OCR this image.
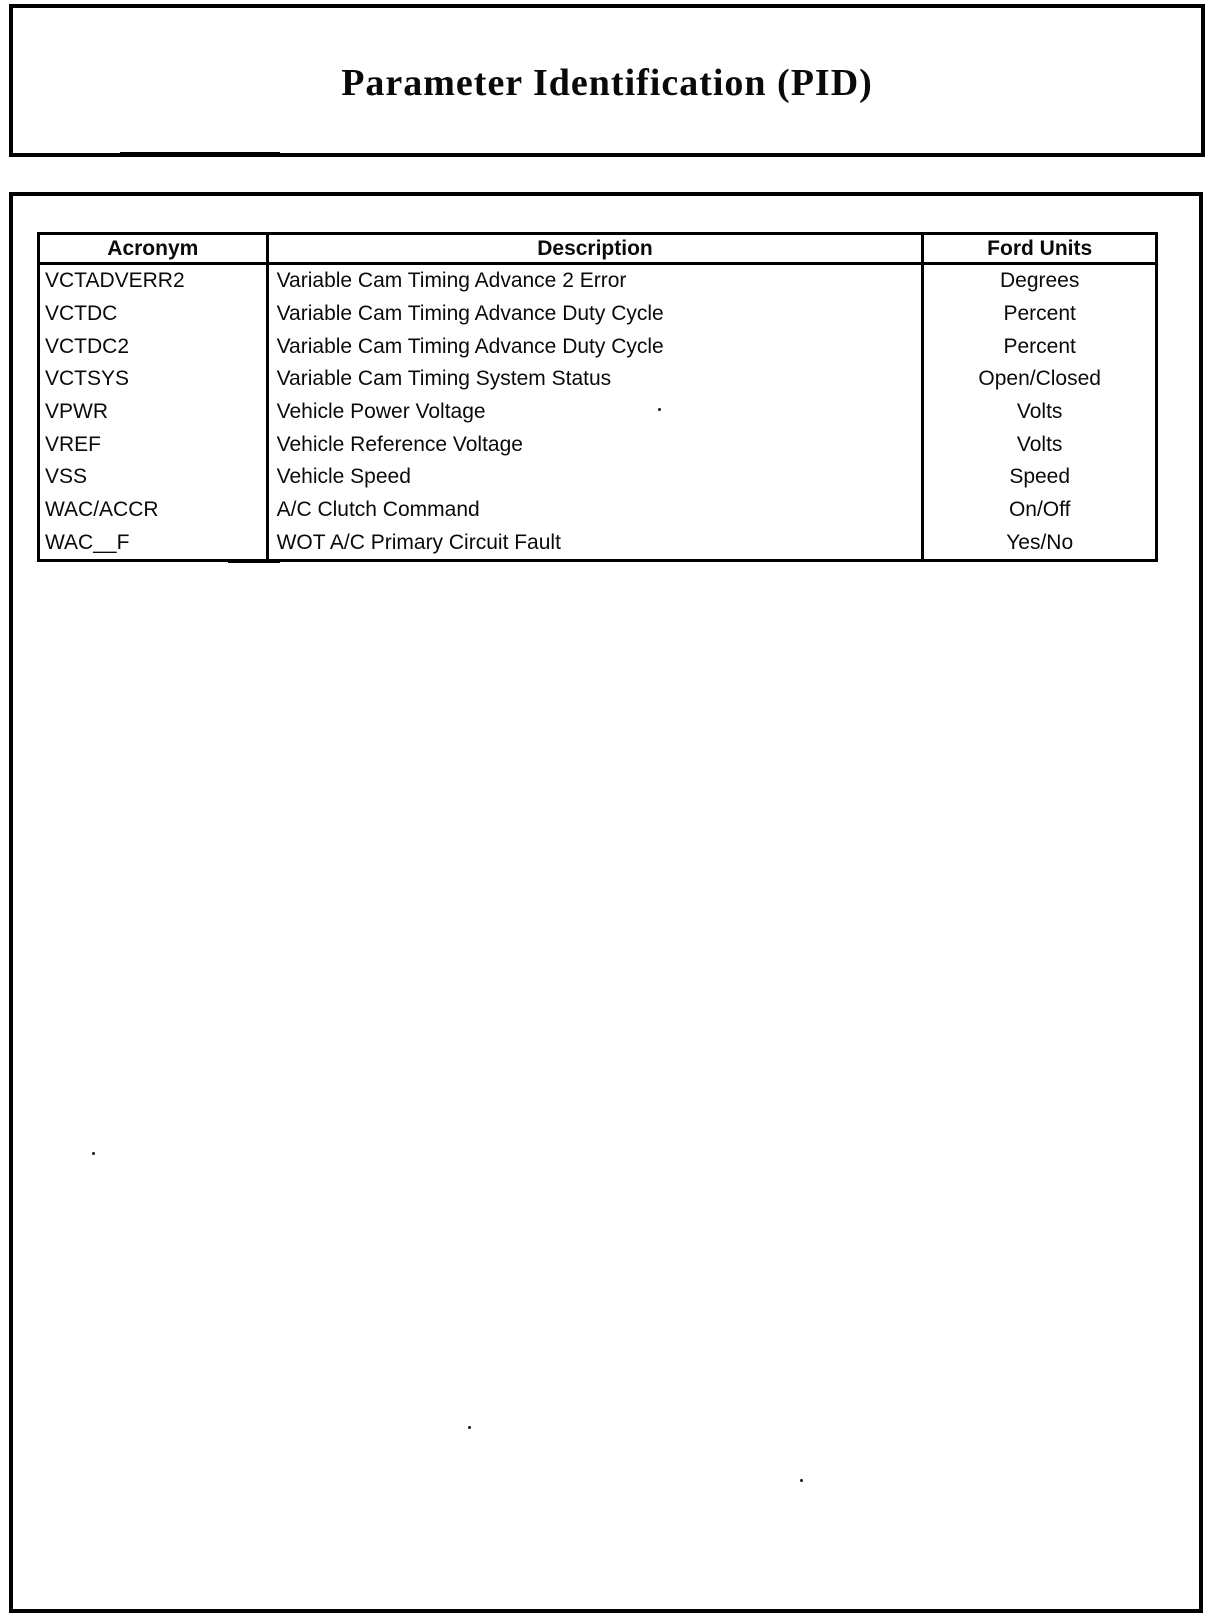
Parameter Identification (PID)
Acronym	Description	Ford Units
VCTADVERR2	Variable Cam Timing Advance 2 Error	Degrees
VCTDC	Variable Cam Timing Advance Duty Cycle	Percent
VCTDC2	Variable Cam Timing Advance Duty Cycle	Percent
VCTSYS	Variable Cam Timing System Status	Open/Closed
VPWR	Vehicle Power Voltage	Volts
VREF	Vehicle Reference Voltage	Volts
VSS	Vehicle Speed	Speed
WAC/ACCR	A/C Clutch Command	On/Off
WAC__F	WOT A/C Primary Circuit Fault	Yes/No
